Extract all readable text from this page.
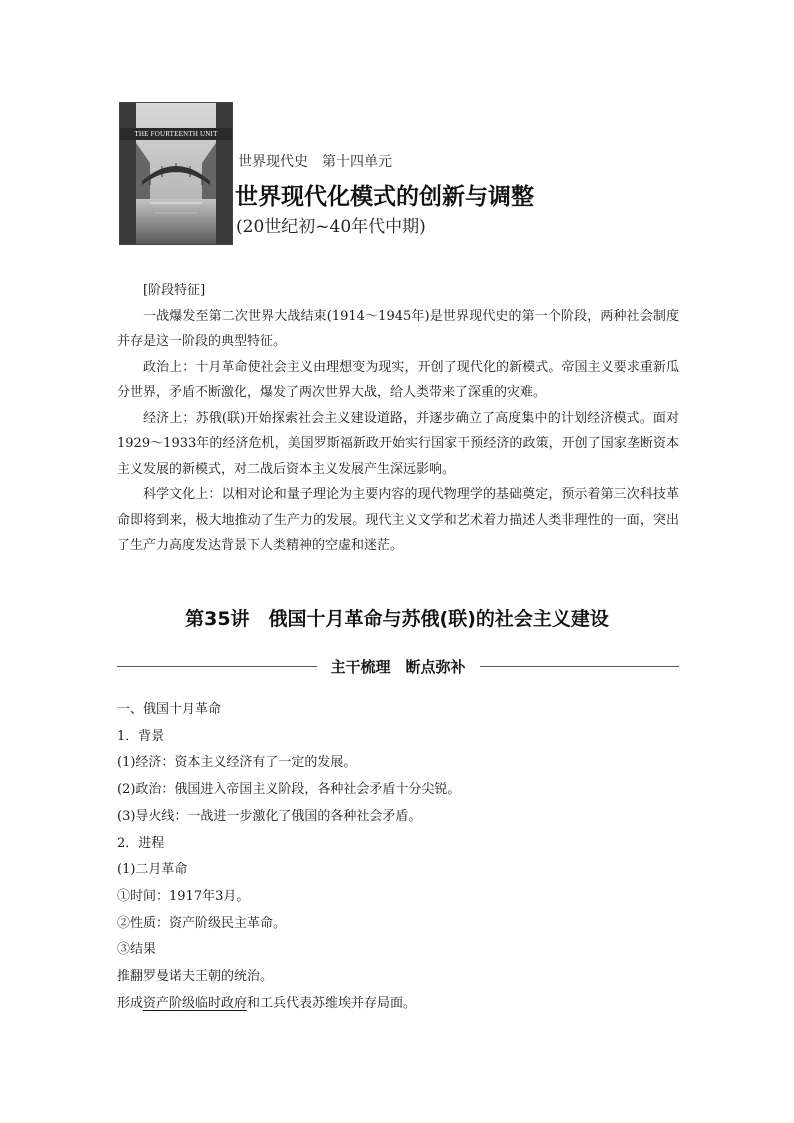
THE FOURTEENTH UNIT
世界现代史　第十四单元
世界现代化模式的创新与调整
(20世纪初~40年代中期)

[阶段特征]

一战爆发至第二次世界大战结束(1914～1945年)是世界现代史的第一个阶段，两种社会制度并存是这一阶段的典型特征。

政治上：十月革命使社会主义由理想变为现实，开创了现代化的新模式。帝国主义要求重新瓜分世界，矛盾不断激化，爆发了两次世界大战，给人类带来了深重的灾难。

经济上：苏俄(联)开始探索社会主义建设道路，并逐步确立了高度集中的计划经济模式。面对1929～1933年的经济危机，美国罗斯福新政开始实行国家干预经济的政策，开创了国家垄断资本主义发展的新模式，对二战后资本主义发展产生深远影响。

科学文化上：以相对论和量子理论为主要内容的现代物理学的基础奠定，预示着第三次科技革命即将到来，极大地推动了生产力的发展。现代主义文学和艺术着力描述人类非理性的一面，突出了生产力高度发达背景下人类精神的空虚和迷茫。

第35讲　俄国十月革命与苏俄(联)的社会主义建设
主干梳理　断点弥补

一、俄国十月革命

1．背景

(1)经济：资本主义经济有了一定的发展。

(2)政治：俄国进入帝国主义阶段，各种社会矛盾十分尖锐。

(3)导火线：一战进一步激化了俄国的各种社会矛盾。

2．进程

(1)二月革命

①时间：1917年3月。

②性质：资产阶级民主革命。

③结果

推翻罗曼诺夫王朝的统治。

形成资产阶级临时政府和工兵代表苏维埃并存局面。
